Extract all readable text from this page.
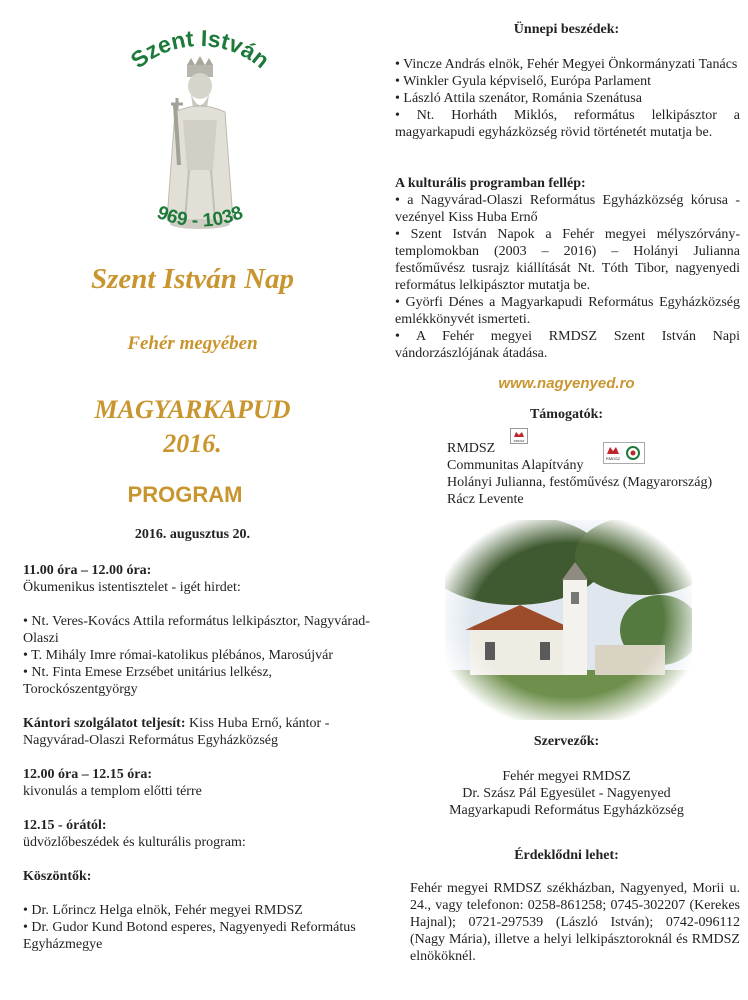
Szent István
969 - 1038
Szent István Nap
Fehér megyében
MAGYARKAPUD
2016.
PROGRAM
2016. augusztus 20.

11.00 óra – 12.00 óra:
Ökumenikus istentisztelet - igét hirdet:

• Nt. Veres-Kovács Attila református lelkipásztor, Nagyvárad-Olaszi
• T. Mihály Imre római-katolikus plébános, Marosújvár
• Nt. Finta Emese Erzsébet unitárius lelkész, Torockószentgyörgy

Kántori szolgálatot teljesít: Kiss Huba Ernő, kántor - Nagyvárad-Olaszi Református Egyházközség

12.00 óra – 12.15 óra:
kivonulás a templom előtti térre

12.15 - órától:
üdvözlőbeszédek és kulturális program:

Köszöntők:

• Dr. Lőrincz Helga elnök, Fehér megyei RMDSZ
• Dr. Gudor Kund Botond esperes, Nagyenyedi Református Egyházmegye

Ünnepi beszédek:
• Vincze András elnök, Fehér Megyei Önkormányzati Tanács
• Winkler Gyula képviselő, Európa Parlament
• László Attila szenátor, Románia Szenátusa
• Nt. Horháth Miklós, református lelkipásztor a magyarkapudi egyházközség rövid történetét mutatja be.
A kulturális programban fellép:
• a Nagyvárad-Olaszi Református Egyházközség kórusa - vezényel Kiss Huba Ernő
• Szent István Napok a Fehér megyei mélyszórvány-templomokban (2003 – 2016) – Holányi Julianna festőművész tusrajz kiállítását Nt. Tóth Tibor, nagyenyedi református lelkipásztor mutatja be.
• Györfi Dénes a Magyarkapudi Református Egyházközség emlékkönyvét ismerteti.
• A Fehér megyei RMDSZ Szent István Napi vándorzászlójának átadása.
www.nagyenyed.ro
Támogatók:
RMDSZ
Communitas Alapítvány
Holányi Julianna, festőművész (Magyarország)
Rácz Levente
RMDSZ
RMDSZ
Szervezők:
Fehér megyei RMDSZ
Dr. Szász Pál Egyesület - Nagyenyed
Magyarkapudi Református Egyházközség
Érdeklődni lehet:
Fehér megyei RMDSZ székházban, Nagyenyed, Morii u. 24., vagy telefonon: 0258-861258; 0745-302207 (Kerekes Hajnal); 0721-297539 (László István); 0742-096112 (Nagy Mária), illetve a helyi lelkipásztoroknál és RMDSZ elnököknél.
